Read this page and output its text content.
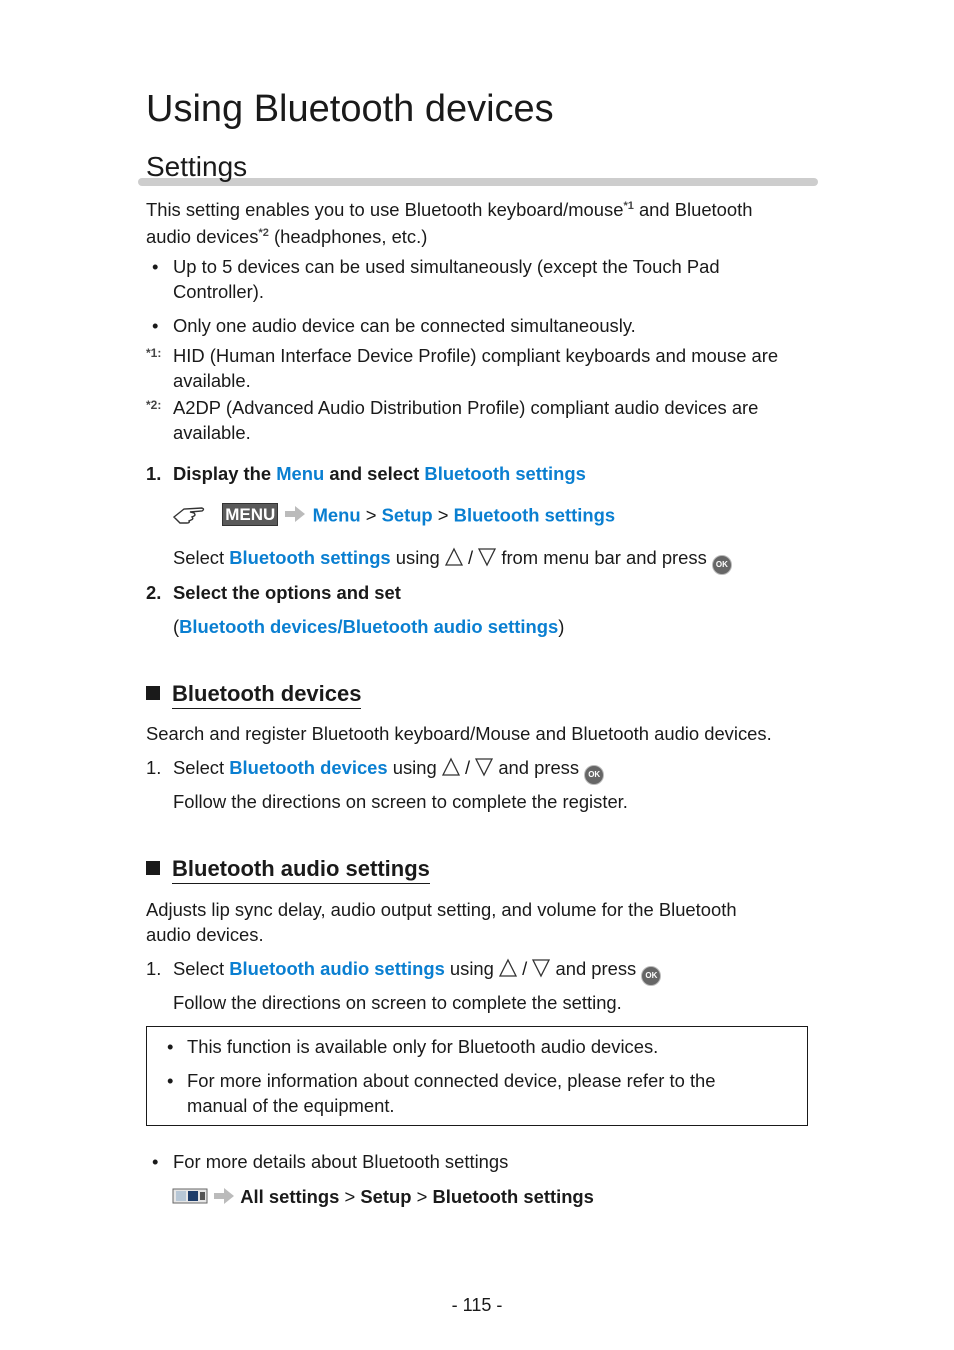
Using Bluetooth devices
Settings
This setting enables you to use Bluetooth keyboard/mouse$^{*1}$ and Bluetooth
audio devices$^{*2}$ (headphones, etc.)
• Up to 5 devices can be used simultaneously (except the Touch Pad
Controller).
• Only one audio device can be connected simultaneously.
*1: HID (Human Interface Device Profile) compliant keyboards and mouse are
available.
*2: A2DP (Advanced Audio Distribution Profile) compliant audio devices are
available.
1. Display the Menu and select Bluetooth settings
MENU Menu > Setup > Bluetooth settings
Select Bluetooth settings using  /  from menu bar and press OK
2. Select the options and set
(Bluetooth devices/Bluetooth audio settings)
Bluetooth devices
Search and register Bluetooth keyboard/Mouse and Bluetooth audio devices.
1. Select Bluetooth devices using  /  and press OK
Follow the directions on screen to complete the register.
Bluetooth audio settings
Adjusts lip sync delay, audio output setting, and volume for the Bluetooth
audio devices.
1. Select Bluetooth audio settings using  /  and press OK
Follow the directions on screen to complete the setting.
• This function is available only for Bluetooth audio devices.
• For more information about connected device, please refer to the
manual of the equipment.
• For more details about Bluetooth settings
All settings > Setup > Bluetooth settings
- 115 -
